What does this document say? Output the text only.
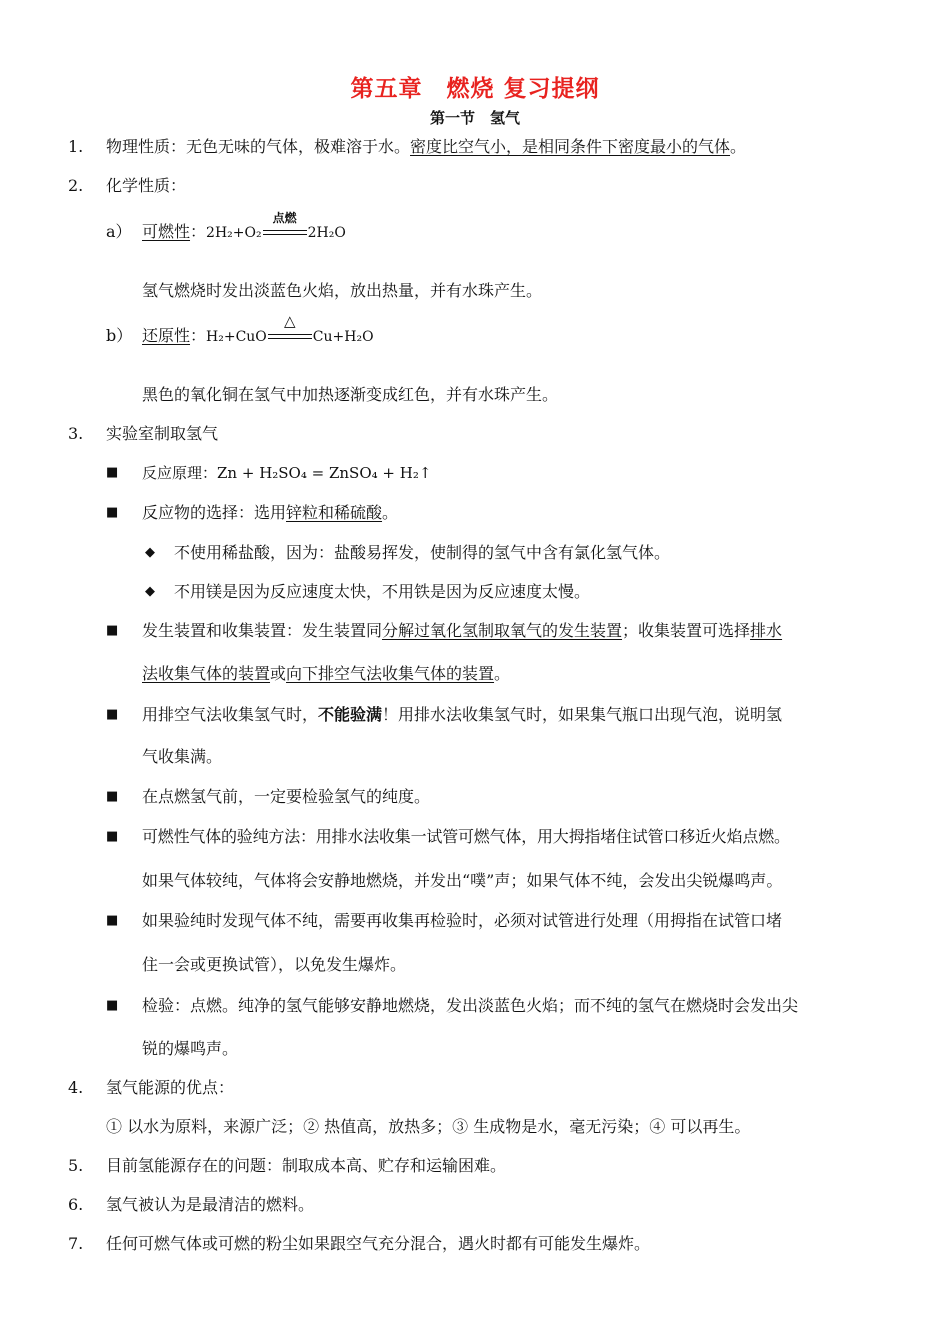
第五章　燃烧 复习提纲
第一节　氢气
1.	物理性质：无色无味的气体，极难溶于水。密度比空气小，是相同条件下密度最小的气体。
2.	化学性质：
a） 可燃性：2H₂+O₂
点燃
2H₂O
氢气燃烧时发出淡蓝色火焰，放出热量，并有水珠产生。
b） 还原性：H₂+CuO
△
Cu+H₂O
黑色的氧化铜在氢气中加热逐渐变成红色，并有水珠产生。
3.	实验室制取氢气
■ 反应原理：Zn + H₂SO₄ = ZnSO₄ + H₂↑
■ 反应物的选择：选用锌粒和稀硫酸。
◆ 不使用稀盐酸，因为：盐酸易挥发，使制得的氢气中含有氯化氢气体。
◆ 不用镁是因为反应速度太快，不用铁是因为反应速度太慢。
■ 发生装置和收集装置：发生装置同分解过氧化氢制取氧气的发生装置；收集装置可选择排水
法收集气体的装置或向下排空气法收集气体的装置。
■ 用排空气法收集氢气时，不能验满！用排水法收集氢气时，如果集气瓶口出现气泡，说明氢
气收集满。
■ 在点燃氢气前，一定要检验氢气的纯度。
■ 可燃性气体的验纯方法：用排水法收集一试管可燃气体，用大拇指堵住试管口移近火焰点燃。
如果气体较纯，气体将会安静地燃烧，并发出“噗”声；如果气体不纯，会发出尖锐爆鸣声。
■ 如果验纯时发现气体不纯，需要再收集再检验时，必须对试管进行处理（用拇指在试管口堵
住一会或更换试管），以免发生爆炸。
■ 检验：点燃。纯净的氢气能够安静地燃烧，发出淡蓝色火焰；而不纯的氢气在燃烧时会发出尖
锐的爆鸣声。
4.	氢气能源的优点：
① 以水为原料，来源广泛；② 热值高，放热多；③ 生成物是水，毫无污染；④ 可以再生。
5.	目前氢能源存在的问题：制取成本高、贮存和运输困难。
6.	氢气被认为是最清洁的燃料。
7.	任何可燃气体或可燃的粉尘如果跟空气充分混合，遇火时都有可能发生爆炸。
